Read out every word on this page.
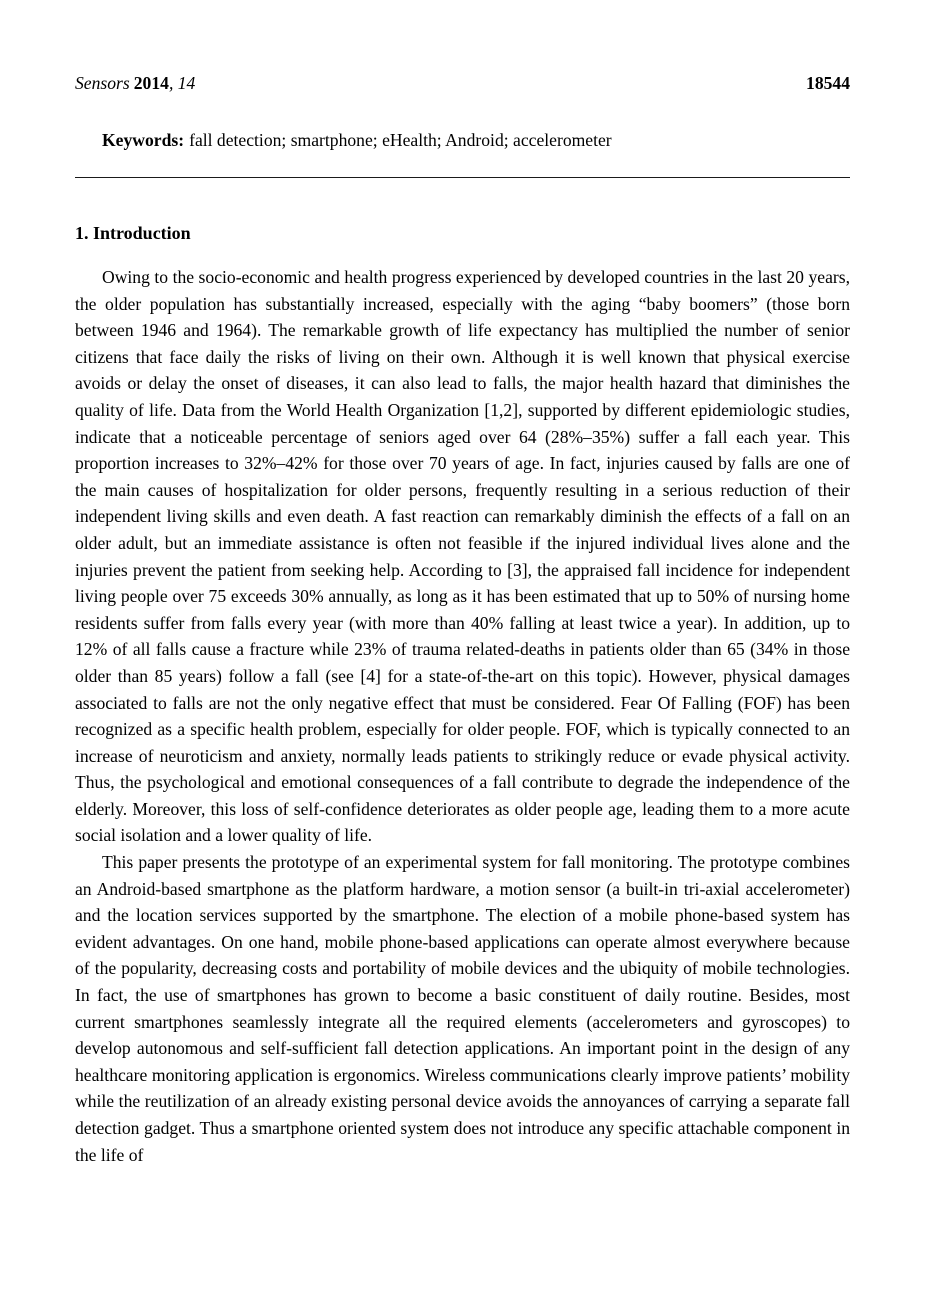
Sensors 2014, 14	18544
Keywords: fall detection; smartphone; eHealth; Android; accelerometer
1. Introduction

Owing to the socio-economic and health progress experienced by developed countries in the last 20 years, the older population has substantially increased, especially with the aging “baby boomers” (those born between 1946 and 1964). The remarkable growth of life expectancy has multiplied the number of senior citizens that face daily the risks of living on their own. Although it is well known that physical exercise avoids or delay the onset of diseases, it can also lead to falls, the major health hazard that diminishes the quality of life. Data from the World Health Organization [1,2], supported by different epidemiologic studies, indicate that a noticeable percentage of seniors aged over 64 (28%–35%) suffer a fall each year. This proportion increases to 32%–42% for those over 70 years of age. In fact, injuries caused by falls are one of the main causes of hospitalization for older persons, frequently resulting in a serious reduction of their independent living skills and even death. A fast reaction can remarkably diminish the effects of a fall on an older adult, but an immediate assistance is often not feasible if the injured individual lives alone and the injuries prevent the patient from seeking help. According to [3], the appraised fall incidence for independent living people over 75 exceeds 30% annually, as long as it has been estimated that up to 50% of nursing home residents suffer from falls every year (with more than 40% falling at least twice a year). In addition, up to 12% of all falls cause a fracture while 23% of trauma related-deaths in patients older than 65 (34% in those older than 85 years) follow a fall (see [4] for a state-of-the-art on this topic). However, physical damages associated to falls are not the only negative effect that must be considered. Fear Of Falling (FOF) has been recognized as a specific health problem, especially for older people. FOF, which is typically connected to an increase of neuroticism and anxiety, normally leads patients to strikingly reduce or evade physical activity. Thus, the psychological and emotional consequences of a fall contribute to degrade the independence of the elderly. Moreover, this loss of self-confidence deteriorates as older people age, leading them to a more acute social isolation and a lower quality of life.

This paper presents the prototype of an experimental system for fall monitoring. The prototype combines an Android-based smartphone as the platform hardware, a motion sensor (a built-in tri-axial accelerometer) and the location services supported by the smartphone. The election of a mobile phone-based system has evident advantages. On one hand, mobile phone-based applications can operate almost everywhere because of the popularity, decreasing costs and portability of mobile devices and the ubiquity of mobile technologies. In fact, the use of smartphones has grown to become a basic constituent of daily routine. Besides, most current smartphones seamlessly integrate all the required elements (accelerometers and gyroscopes) to develop autonomous and self-sufficient fall detection applications. An important point in the design of any healthcare monitoring application is ergonomics. Wireless communications clearly improve patients’ mobility while the reutilization of an already existing personal device avoids the annoyances of carrying a separate fall detection gadget. Thus a smartphone oriented system does not introduce any specific attachable component in the life of
